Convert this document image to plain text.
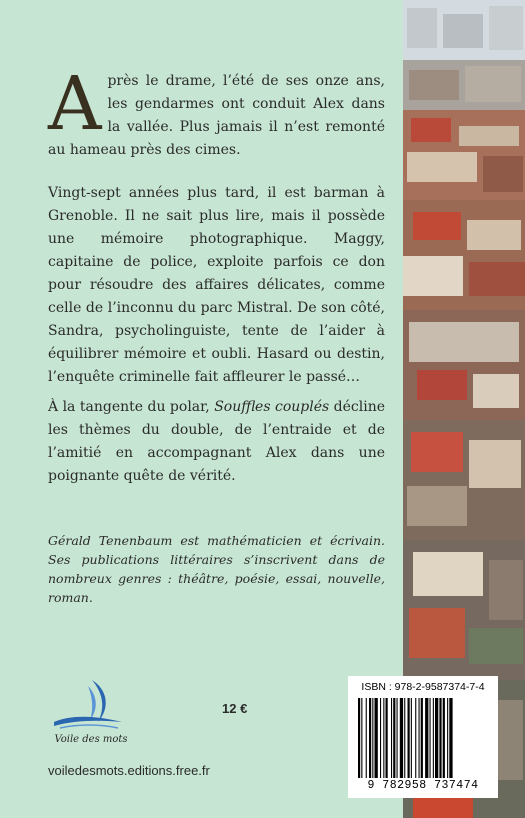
Après le drame, l’été de ses onze ans, les gendarmes ont conduit Alex dans la vallée. Plus jamais il n’est remonté au hameau près des cimes.

Vingt-sept années plus tard, il est barman à Grenoble. Il ne sait plus lire, mais il possède une mémoire photographique. Maggy, capitaine de police, exploite parfois ce don pour résoudre des affaires délicates, comme celle de l’inconnu du parc Mistral. De son côté, Sandra, psycholinguiste, tente de l’aider à équilibrer mémoire et oubli. Hasard ou destin, l’enquête criminelle fait affleurer le passé…

À la tangente du polar, Souffles couplés décline les thèmes du double, de l’entraide et de l’amitié en accompagnant Alex dans une poignante quête de vérité.

Gérald Tenenbaum est mathématicien et écrivain. Ses publications littéraires s’inscrivent dans de nombreux genres : théâtre, poésie, essai, nouvelle, roman.

Voile des mots
12 €
voiledesmots.editions.free.fr
ISBN : 978-2-9587374-7-4
9 782958 737474
